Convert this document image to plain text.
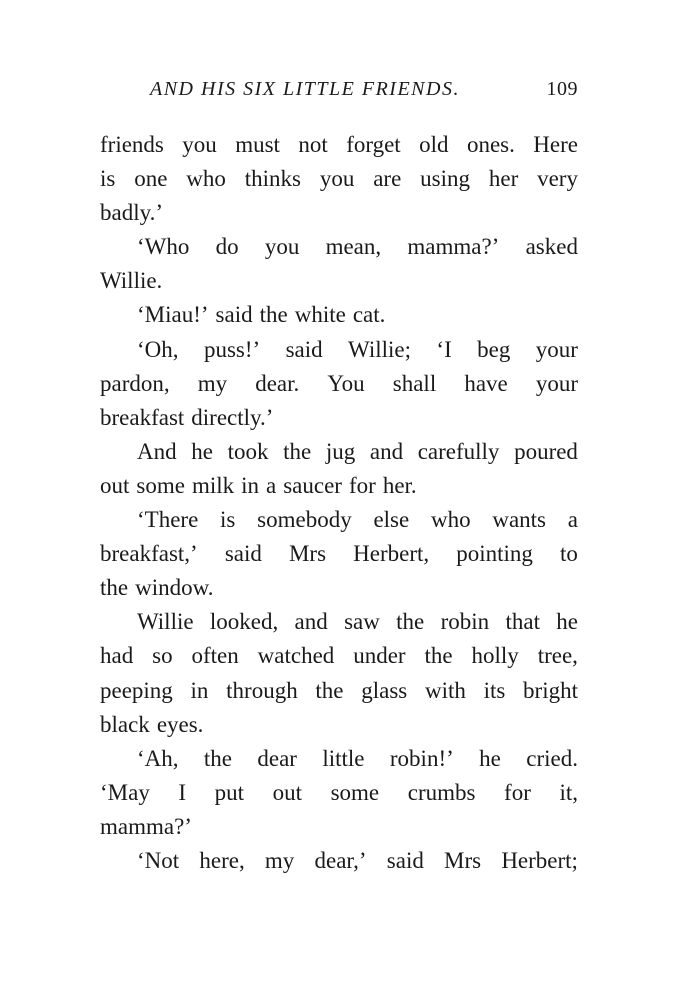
AND HIS SIX LITTLE FRIENDS.	109
friends you must not forget old ones. Here
is one who thinks you are using her very
badly.’
‘Who do you mean, mamma?’ asked
Willie.
‘Miau!’ said the white cat.
‘Oh, puss!’ said Willie; ‘I beg your
pardon, my dear. You shall have your
breakfast directly.’
And he took the jug and carefully poured
out some milk in a saucer for her.
‘There is somebody else who wants a
breakfast,’ said Mrs Herbert, pointing to
the window.
Willie looked, and saw the robin that he
had so often watched under the holly tree,
peeping in through the glass with its bright
black eyes.
‘Ah, the dear little robin!’ he cried.
‘May I put out some crumbs for it,
mamma?’
‘Not here, my dear,’ said Mrs Herbert;
